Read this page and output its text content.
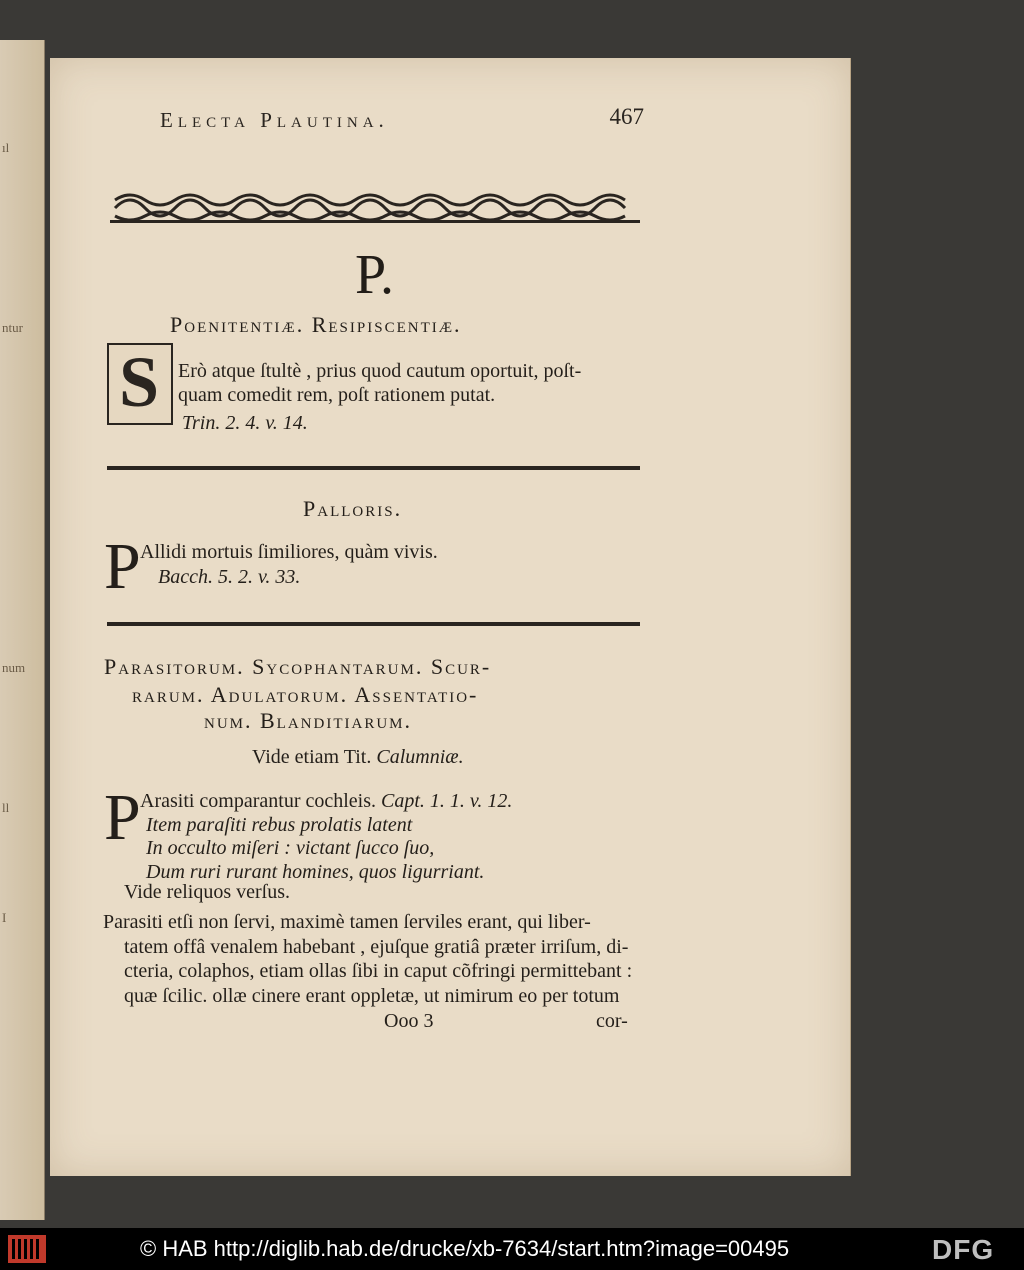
ıl
ntur
num
ll
I
Electa Plautina.	467
P.
Poenitentiæ. Resipiscentiæ.
S Erò atque ſtultè , prius quod cautum oportuit, poſt-
quam comedit rem, poſt rationem putat.
Trin. 2. 4. v. 14.
Palloris.
P Allidi mortuis ſimiliores, quàm vivis.
Bacch. 5. 2. v. 33.
Parasitorum. Sycophantarum. Scur-
rarum. Adulatorum. Assentatio-
num. Blanditiarum.
Vide etiam Tit. Calumniæ.
P Arasiti comparantur cochleis. Capt. 1. 1. v. 12.
Item paraſiti rebus prolatis latent
In occulto miſeri : victant ſucco ſuo,
Dum ruri rurant homines, quos ligurriant.
Vide reliquos verſus.
Parasiti etſi non ſervi, maximè tamen ſerviles erant, qui liber-
tatem offâ venalem habebant , ejuſque gratiâ præter irriſum, di-
cteria, colaphos, etiam ollas ſibi in caput cõfringi permittebant :
quæ ſcilic. ollæ cinere erant oppletæ, ut nimirum eo per totum
Ooo 3	cor-
© HAB http://diglib.hab.de/drucke/xb-7634/start.htm?image=00495	DFG
